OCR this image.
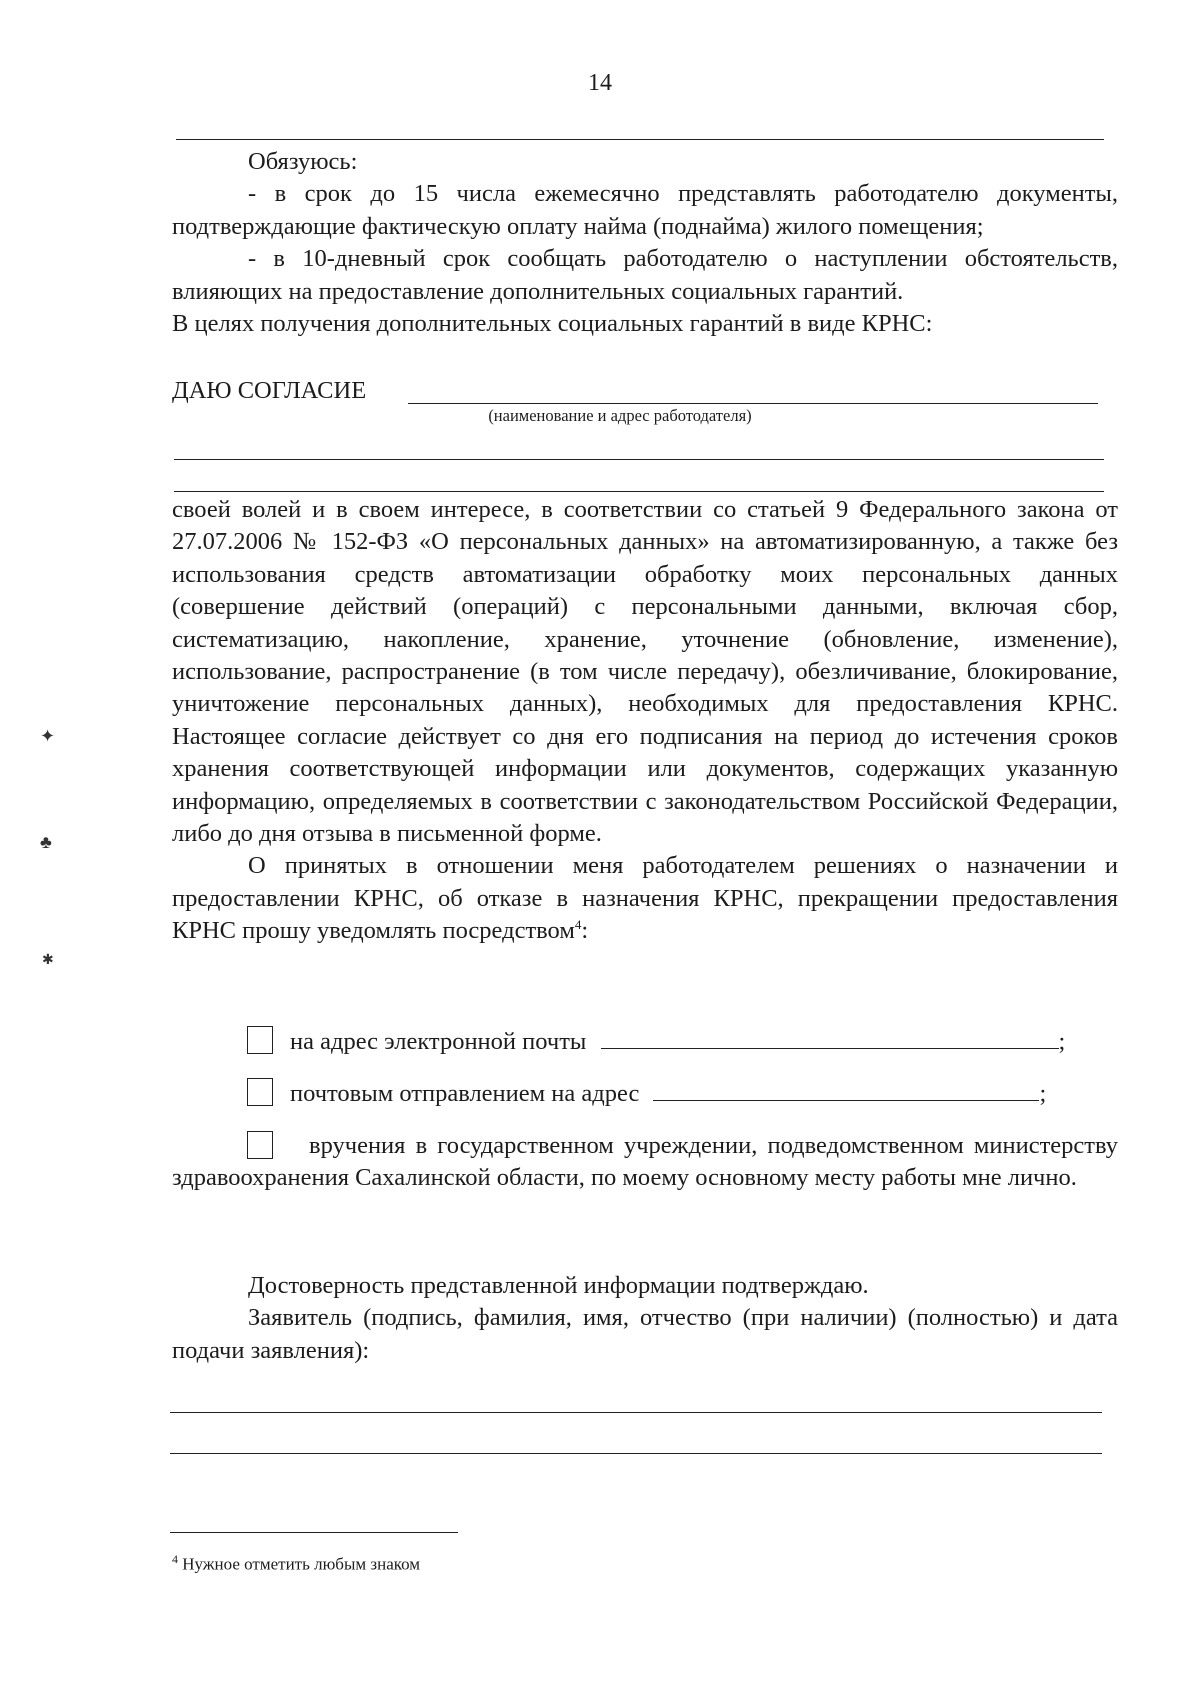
14

Обязуюсь:

- в срок до 15 числа ежемесячно представлять работодателю документы, подтверждающие фактическую оплату найма (поднайма) жилого помещения;

- в 10-дневный срок сообщать работодателю о наступлении обстоятельств, влияющих на предоставление дополнительных социальных гарантий.

В целях получения дополнительных социальных гарантий в виде КРНС:

ДАЮ СОГЛАСИЕ
(наименование и адрес работодателя)

своей волей и в своем интересе, в соответствии со статьей 9 Федерального закона от 27.07.2006 № 152-ФЗ «О персональных данных» на автоматизированную, а также без использования средств автоматизации обработку моих персональных данных (совершение действий (операций) с персональными данными, включая сбор, систематизацию, накопление, хранение, уточнение (обновление, изменение), использование, распространение (в том числе передачу), обезличивание, блокирование, уничтожение персональных данных), необходимых для предоставления КРНС. Настоящее согласие действует со дня его подписания на период до истечения сроков хранения соответствующей информации или документов, содержащих указанную информацию, определяемых в соответствии с законодательством Российской Федерации, либо до дня отзыва в письменной форме.

О принятых в отношении меня работодателем решениях о назначении и предоставлении КРНС, об отказе в назначения КРНС, прекращении предоставления КРНС прошу уведомлять посредством$^4$:

на адрес электронной почты	;
почтовым отправлением на адрес	;

вручения в государственном учреждении, подведомственном министерству здравоохранения Сахалинской области, по моему основному месту работы мне лично.

Достоверность представленной информации подтверждаю.

Заявитель (подпись, фамилия, имя, отчество (при наличии) (полностью) и дата подачи заявления):

$^4$ Нужное отметить любым знаком
✦
♣
✱
